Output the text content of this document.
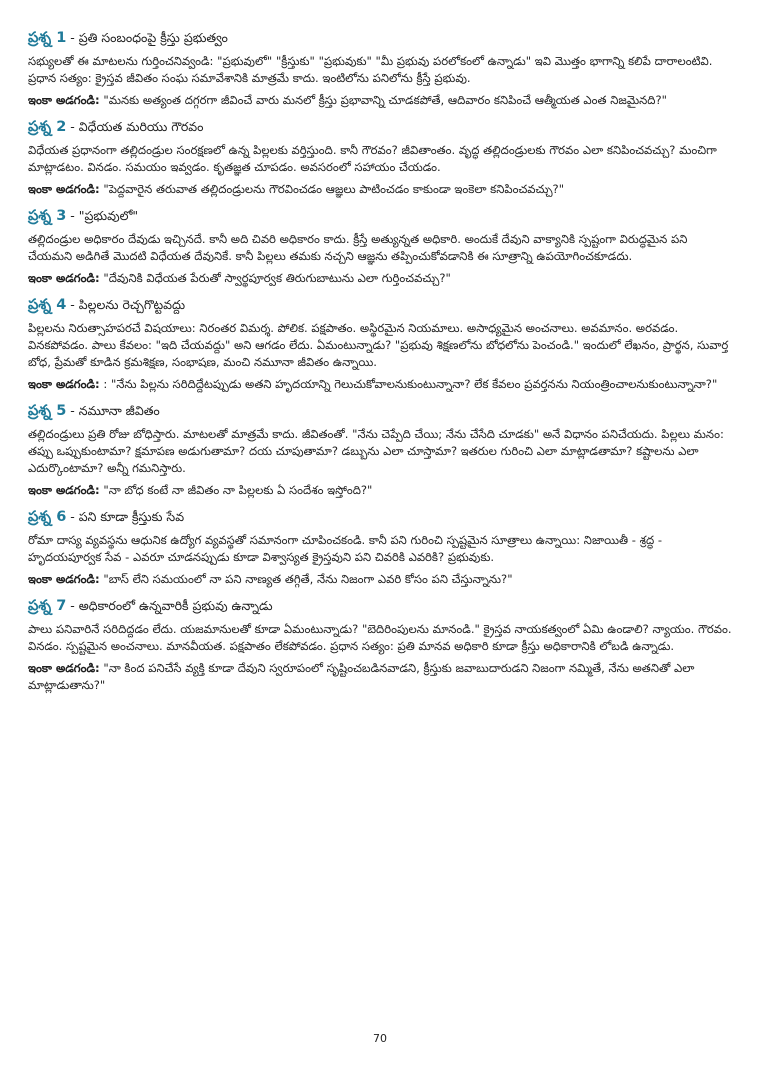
ప్రశ్న 1 - ప్రతి సంబంధంపై క్రీస్తు ప్రభుత్వం

సభ్యులతో ఈ మాటలను గుర్తించనివ్వండి: "ప్రభువులో" "క్రీస్తుకు" "ప్రభువుకు" "మీ ప్రభువు పరలోకంలో ఉన్నాడు" ఇవి మొత్తం భాగాన్ని కలిపే దారాలంటివి. ప్రధాన సత్యం: క్రైస్తవ జీవితం సంఘ సమావేశానికి మాత్రమే కాదు. ఇంటిలోను పనిలోను క్రీస్తే ప్రభువు.

ఇంకా అడగండి: "మనకు అత్యంత దగ్గరగా జీవించే వారు మనలో క్రీస్తు ప్రభావాన్ని చూడకపోతే, ఆదివారం కనిపించే ఆత్మీయత ఎంత నిజమైనది?"

ప్రశ్న 2 - విధేయత మరియు గౌరవం

విధేయత ప్రధానంగా తల్లిదండ్రుల సంరక్షణలో ఉన్న పిల్లలకు వర్తిస్తుంది. కానీ గౌరవం? జీవితాంతం. వృద్ధ తల్లిదండ్రులకు గౌరవం ఎలా కనిపించవచ్చు? మంచిగా మాట్లాడటం. వినడం. సమయం ఇవ్వడం. కృతజ్ఞత చూపడం. అవసరంలో సహాయం చేయడం.

ఇంకా అడగండి: "పెద్దవారైన తరువాత తల్లిదండ్రులను గౌరవించడం ఆజ్ఞలు పాటించడం కాకుండా ఇంకెలా కనిపించవచ్చు?"

ప్రశ్న 3 - "ప్రభువులో"

తల్లిదండ్రుల అధికారం దేవుడు ఇచ్చినదే. కానీ అది చివరి అధికారం కాదు. క్రీస్తే అత్యున్నత అధికారి. అందుకే దేవుని వాక్యానికి స్పష్టంగా విరుద్ధమైన పని చేయమని అడిగితే మొదటి విధేయత దేవునికే. కానీ పిల్లలు తమకు నచ్చని ఆజ్ఞను తప్పించుకోవడానికి ఈ సూత్రాన్ని ఉపయోగించకూడదు.

ఇంకా అడగండి: "దేవునికి విధేయత పేరుతో స్వార్థపూర్వక తిరుగుబాటును ఎలా గుర్తించవచ్చు?"

ప్రశ్న 4 - పిల్లలను రెచ్చగొట్టవద్దు

పిల్లలను నిరుత్సాహపరచే విషయాలు: నిరంతర విమర్శ. పోలిక. పక్షపాతం. అస్థిరమైన నియమాలు. అసాధ్యమైన అంచనాలు. అవమానం. అరవడం. వినకపోవడం. పాలు కేవలం: "ఇది చేయవద్దు" అని ఆగడం లేదు. ఏమంటున్నాడు? "ప్రభువు శిక్షణలోను బోధలోను పెంచండి." ఇందులో లేఖనం, ప్రార్థన, సువార్త బోధ, ప్రేమతో కూడిన క్రమశిక్షణ, సంభాషణ, మంచి నమూనా జీవితం ఉన్నాయి.

ఇంకా అడగండి: : "నేను పిల్లను సరిదిద్దేటప్పుడు అతని హృదయాన్ని గెలుచుకోవాలనుకుంటున్నానా? లేక కేవలం ప్రవర్తనను నియంత్రించాలనుకుంటున్నానా?"

ప్రశ్న 5 - నమూనా జీవితం

తల్లిదండ్రులు ప్రతి రోజు బోధిస్తారు. మాటలతో మాత్రమే కాదు. జీవితంతో. "నేను చెప్పేది చేయి; నేను చేసేది చూడకు" అనే విధానం పనిచేయదు. పిల్లలు మనం: తప్పు ఒప్పుకుంటామా? క్షమాపణ అడుగుతామా? దయ చూపుతామా? డబ్బును ఎలా చూస్తామా? ఇతరుల గురించి ఎలా మాట్లాడతామా? కష్టాలను ఎలా ఎదుర్కొంటామా? అన్నీ గమనిస్తారు.

ఇంకా అడగండి: "నా బోధ కంటే నా జీవితం నా పిల్లలకు ఏ సందేశం ఇస్తోంది?"

ప్రశ్న 6 - పని కూడా క్రీస్తుకు సేవ

రోమా దాస్య వ్యవస్థను ఆధునిక ఉద్యోగ వ్యవస్థతో సమానంగా చూపించకండి. కానీ పని గురించి స్పష్టమైన సూత్రాలు ఉన్నాయి: నిజాయితీ - శ్రద్ధ - హృదయపూర్వక సేవ - ఎవరూ చూడనప్పుడు కూడా విశ్వాస్యత క్రైస్తవుని పని చివరికి ఎవరికి? ప్రభువుకు.

ఇంకా అడగండి: "బాస్ లేని సమయంలో నా పని నాణ్యత తగ్గితే, నేను నిజంగా ఎవరి కోసం పని చేస్తున్నాను?"

ప్రశ్న 7 - అధికారంలో ఉన్నవారికీ ప్రభువు ఉన్నాడు

పాలు పనివారినే సరిదిద్దడం లేదు. యజమానులతో కూడా ఏమంటున్నాడు? "బెదిరింపులను మానండి." క్రైస్తవ నాయకత్వంలో ఏమి ఉండాలి? న్యాయం. గౌరవం. వినడం. స్పష్టమైన అంచనాలు. మానవీయత. పక్షపాతం లేకపోవడం. ప్రధాన సత్యం: ప్రతి మానవ అధికారి కూడా క్రీస్తు అధికారానికి లోబడి ఉన్నాడు.

ఇంకా అడగండి: "నా కింద పనిచేసే వ్యక్తి కూడా దేవుని స్వరూపంలో సృష్టించబడినవాడని, క్రీస్తుకు జవాబుదారుడని నిజంగా నమ్మితే, నేను అతనితో ఎలా మాట్లాడుతాను?"

70
